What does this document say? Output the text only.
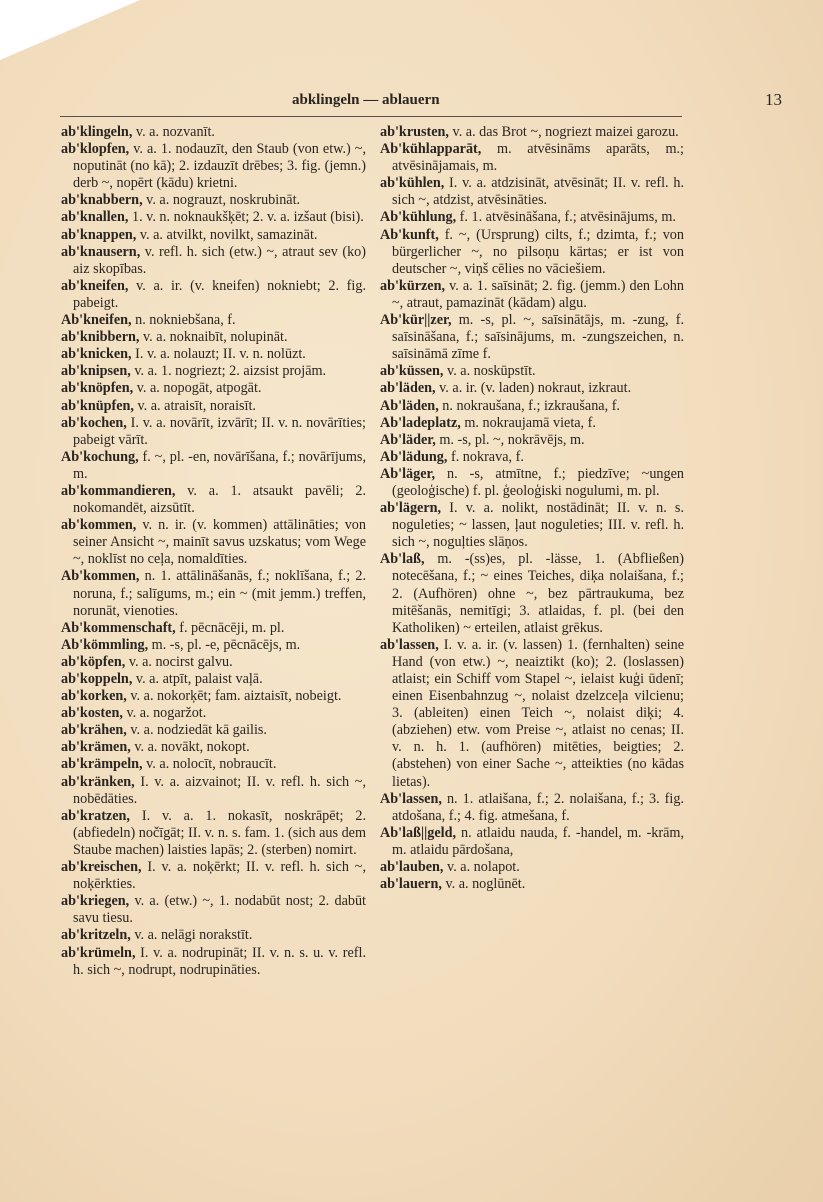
abklingeln — ablauern	13

ab'klingeln, v. a. nozvanīt.

ab'klopfen, v. a. 1. nodauzīt, den Staub (von etw.) ~, noputināt (no kā); 2. izdauzīt drēbes; 3. fig. (jemn.) derb ~, nopērt (kādu) krietni.

ab'knabbern, v. a. nograuzt, noskrubināt.

ab'knallen, 1. v. n. noknaukšķēt; 2. v. a. izšaut (bisi).

ab'knappen, v. a. atvilkt, novilkt, samazināt.

ab'knausern, v. refl. h. sich (etw.) ~, atraut sev (ko) aiz skopības.

ab'kneifen, v. a. ir. (v. kneifen) nokniebt; 2. fig. pabeigt.

Ab'kneifen, n. nokniebšana, f.

ab'knibbern, v. a. noknaibīt, nolupināt.

ab'knicken, I. v. a. nolauzt; II. v. n. nolūzt.

ab'knipsen, v. a. 1. nogriezt; 2. aizsist projām.

ab'knöpfen, v. a. nopogāt, atpogāt.

ab'knüpfen, v. a. atraisīt, noraisīt.

ab'kochen, I. v. a. novārīt, izvārīt; II. v. n. novārīties; pabeigt vārīt.

Ab'kochung, f. ~, pl. -en, novārīšana, f.; novārījums, m.

ab'kommandieren, v. a. 1. atsaukt pavēli; 2. nokomandēt, aizsūtīt.

ab'kommen, v. n. ir. (v. kommen) attālināties; von seiner Ansicht ~, mainīt savus uzskatus; vom Wege ~, noklīst no ceļa, nomaldīties.

Ab'kommen, n. 1. attālināšanās, f.; noklīšana, f.; 2. noruna, f.; salīgums, m.; ein ~ (mit jemm.) treffen, norunāt, vienoties.

Ab'kommenschaft, f. pēcnācēji, m. pl.

Ab'kömmling, m. -s, pl. -e, pēcnācējs, m.

ab'köpfen, v. a. nocirst galvu.

ab'koppeln, v. a. atpīt, palaist vaļā.

ab'korken, v. a. nokorķēt; fam. aiztaisīt, nobeigt.

ab'kosten, v. a. nogaržot.

ab'krähen, v. a. nodziedāt kā gailis.

ab'krämen, v. a. novākt, nokopt.

ab'krämpeln, v. a. nolocīt, nobraucīt.

ab'kränken, I. v. a. aizvainot; II. v. refl. h. sich ~, nobēdāties.

ab'kratzen, I. v. a. 1. nokasīt, noskrāpēt; 2. (abfiedeln) nočīgāt; II. v. n. s. fam. 1. (sich aus dem Staube machen) laisties lapās; 2. (sterben) nomirt.

ab'kreischen, I. v. a. noķērkt; II. v. refl. h. sich ~, noķērkties.

ab'kriegen, v. a. (etw.) ~, 1. nodabūt nost; 2. dabūt savu tiesu.

ab'kritzeln, v. a. nelāgi norakstīt.

ab'krümeln, I. v. a. nodrupināt; II. v. n. s. u. v. refl. h. sich ~, nodrupt, nodrupināties.

ab'krusten, v. a. das Brot ~, nogriezt maizei garozu.

Ab'kühlapparāt, m. atvēsināms aparāts, m.; atvēsinājamais, m.

ab'kühlen, I. v. a. atdzisināt, atvēsināt; II. v. refl. h. sich ~, atdzist, atvēsināties.

Ab'kühlung, f. 1. atvēsināšana, f.; atvēsinājums, m.

Ab'kunft, f. ~, (Ursprung) cilts, f.; dzimta, f.; von bürgerlicher ~, no pilsoņu kārtas; er ist von deutscher ~, viņš cēlies no vāciešiem.

ab'kürzen, v. a. 1. saīsināt; 2. fig. (jemm.) den Lohn ~, atraut, pamazināt (kādam) algu.

Ab'kür||zer, m. -s, pl. ~, saīsinātājs, m. -zung, f. saīsināšana, f.; saīsinājums, m. -zungszeichen, n. saīsināmā zīme f.

ab'küssen, v. a. noskūpstīt.

ab'läden, v. a. ir. (v. laden) nokraut, izkraut.

Ab'läden, n. nokraušana, f.; izkraušana, f.

Ab'ladeplatz, m. nokraujamā vieta, f.

Ab'läder, m. -s, pl. ~, nokrāvējs, m.

Ab'lädung, f. nokrava, f.

Ab'läger, n. -s, atmītne, f.; piedzīve; ~ungen (geoloģische) f. pl. ģeoloģiski nogulumi, m. pl.

ab'lägern, I. v. a. nolikt, nostādināt; II. v. n. s. noguleties; ~ lassen, ļaut noguleties; III. v. refl. h. sich ~, noguļties slāņos.

Ab'laß, m. -(ss)es, pl. -lässe, 1. (Abfließen) notecēšana, f.; ~ eines Teiches, diķa nolaišana, f.; 2. (Aufhören) ohne ~, bez pārtraukuma, bez mitēšanās, nemitīgi; 3. atlaidas, f. pl. (bei den Katholiken) ~ erteilen, atlaist grēkus.

ab'lassen, I. v. a. ir. (v. lassen) 1. (fernhalten) seine Hand (von etw.) ~, neaiztikt (ko); 2. (loslassen) atlaist; ein Schiff vom Stapel ~, ielaist kuģi ūdenī; einen Eisenbahnzug ~, nolaist dzelzceļa vilcienu; 3. (ableiten) einen Teich ~, nolaist diķi; 4. (abziehen) etw. vom Preise ~, atlaist no cenas; II. v. n. h. 1. (aufhören) mitēties, beigties; 2. (abstehen) von einer Sache ~, atteikties (no kādas lietas).

Ab'lassen, n. 1. atlaišana, f.; 2. nolaišana, f.; 3. fig. atdošana, f.; 4. fig. atmešana, f.

Ab'laß||geld, n. atlaidu nauda, f. -handel, m. -krām, m. atlaidu pārdošana,

ab'lauben, v. a. nolapot.

ab'lauern, v. a. noglūnēt.
